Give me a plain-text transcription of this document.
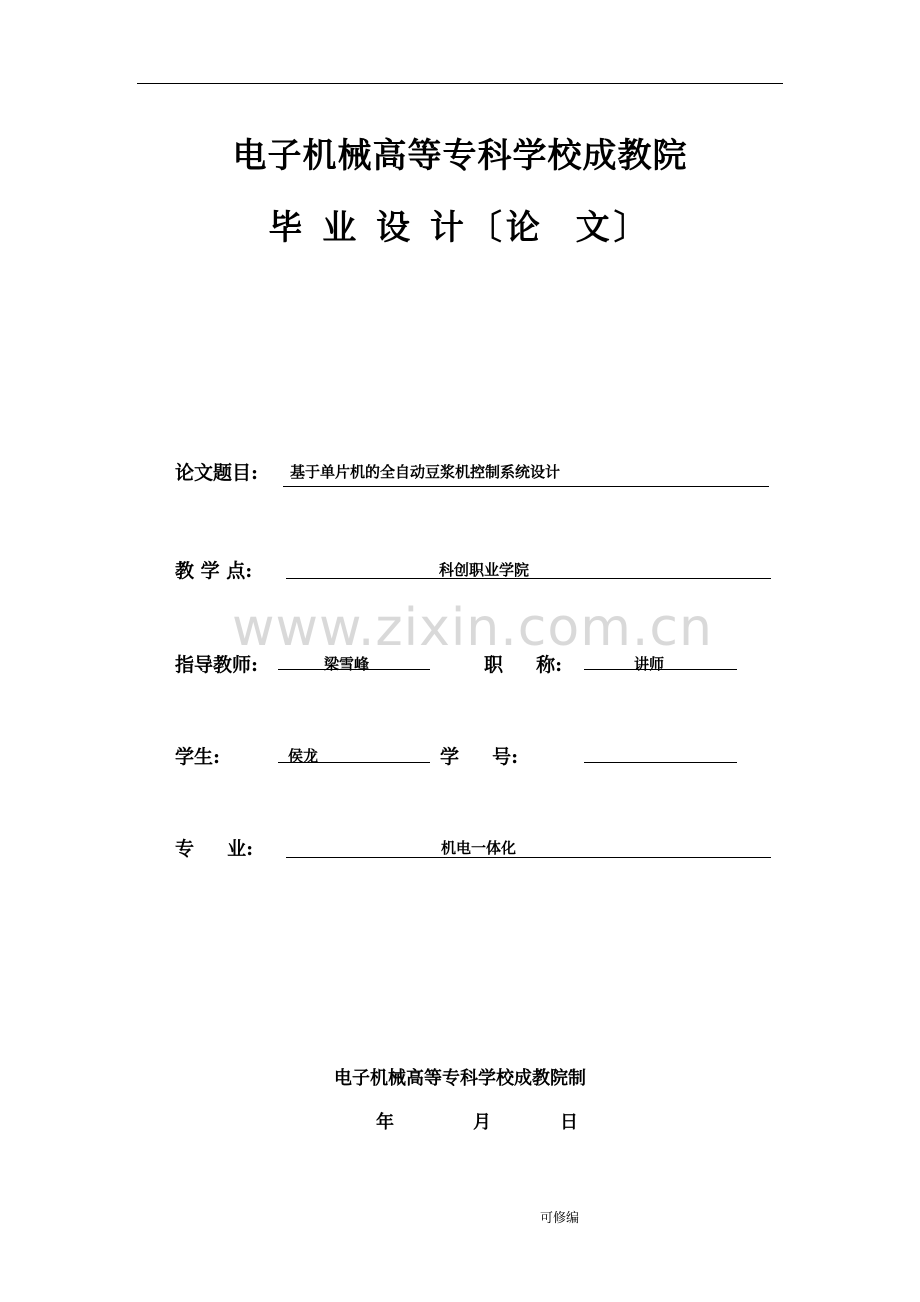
电子机械高等专科学校成教院
毕 业 设 计〔论  文〕
www.zixin.com.cn
论文题目: 基于单片机的全自动豆浆机控制系统设计
教 学 点:	科创职业学院
指导教师:	梁雪峰	职     称:	讲师
学生:	侯龙	学     号:
专     业:	机电一体化
电子机械高等专科学校成教院制
年	月	日
可修编
